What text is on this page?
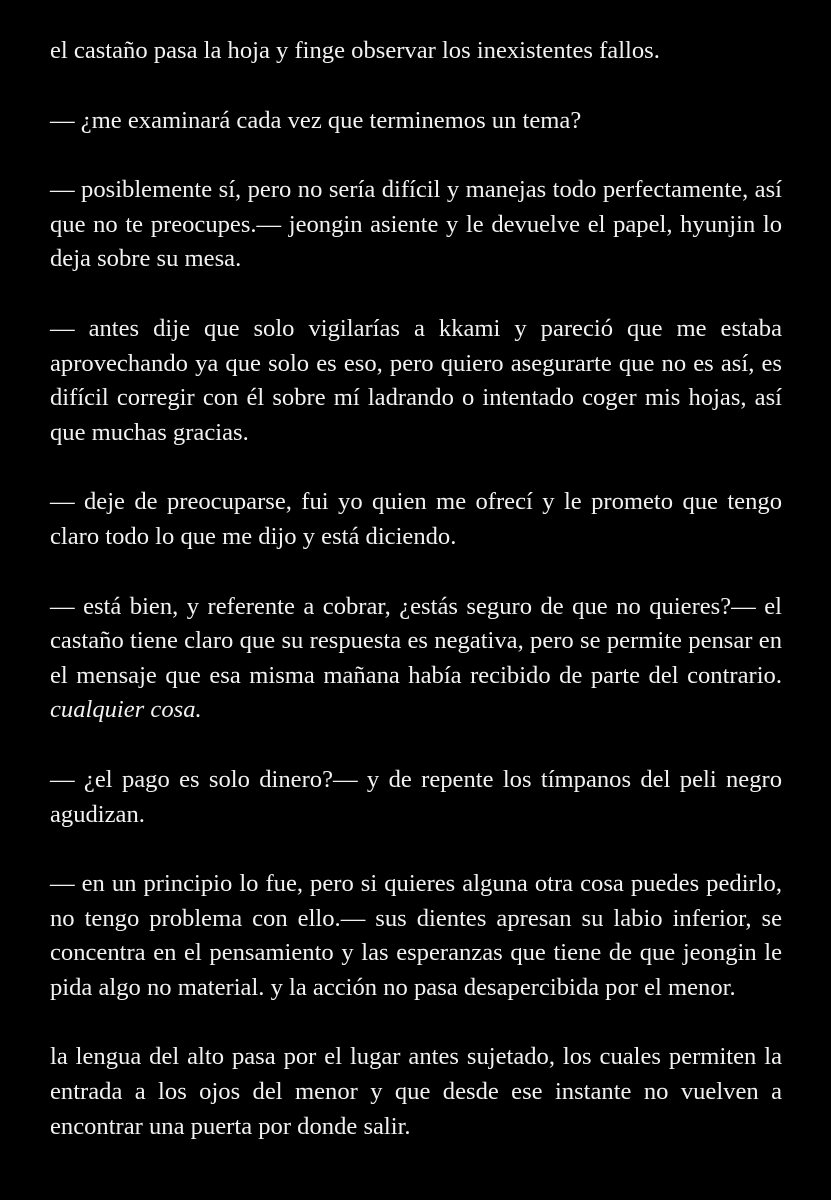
el castaño pasa la hoja y finge observar los inexistentes fallos.

— ¿me examinará cada vez que terminemos un tema?

— posiblemente sí, pero no sería difícil y manejas todo perfectamente, así que no te preocupes.— jeongin asiente y le devuelve el papel, hyunjin lo deja sobre su mesa.

— antes dije que solo vigilarías a kkami y pareció que me estaba aprovechando ya que solo es eso, pero quiero asegurarte que no es así, es difícil corregir con él sobre mí ladrando o intentado coger mis hojas, así que muchas gracias.

— deje de preocuparse, fui yo quien me ofrecí y le prometo que tengo claro todo lo que me dijo y está diciendo.

— está bien, y referente a cobrar, ¿estás seguro de que no quieres?— el castaño tiene claro que su respuesta es negativa, pero se permite pensar en el mensaje que esa misma mañana había recibido de parte del contrario. cualquier cosa.

— ¿el pago es solo dinero?— y de repente los tímpanos del peli negro agudizan.

— en un principio lo fue, pero si quieres alguna otra cosa puedes pedirlo, no tengo problema con ello.— sus dientes apresan su labio inferior, se concentra en el pensamiento y las esperanzas que tiene de que jeongin le pida algo no material. y la acción no pasa desapercibida por el menor.

la lengua del alto pasa por el lugar antes sujetado, los cuales permiten la entrada a los ojos del menor y que desde ese instante no vuelven a encontrar una puerta por donde salir.
